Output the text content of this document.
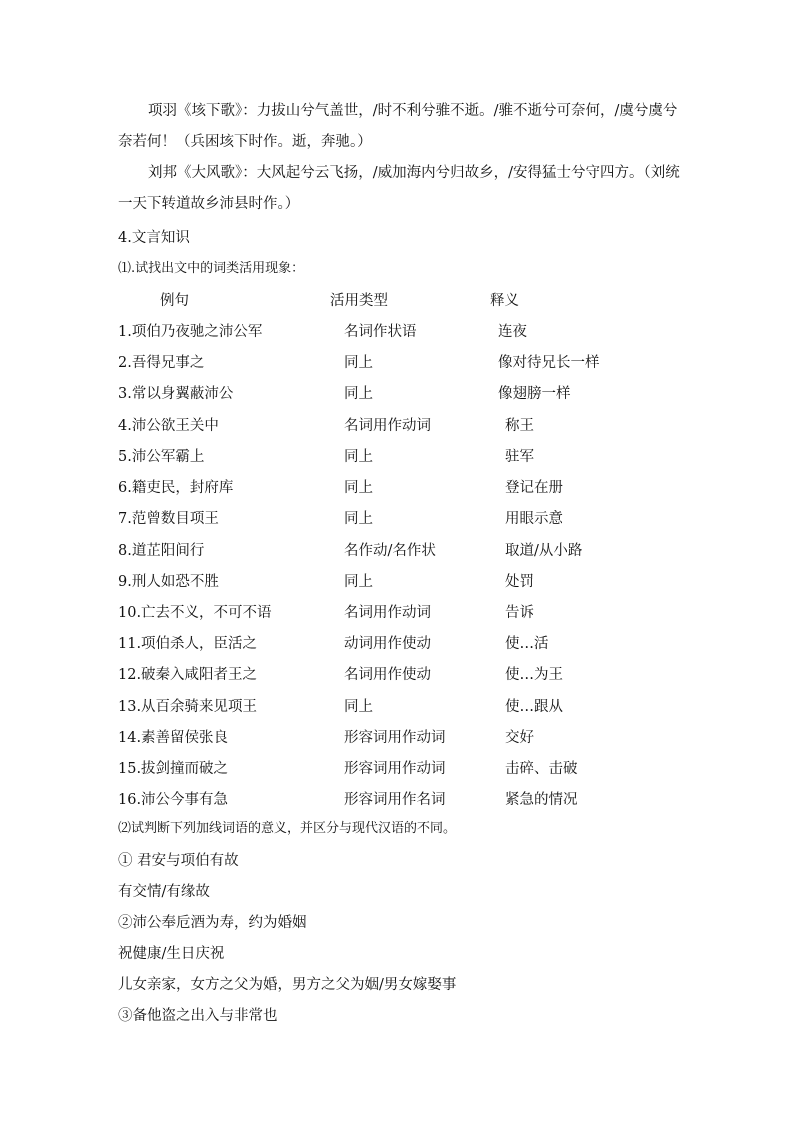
项羽《垓下歌》：力拔山兮气盖世，/时不利兮骓不逝。/骓不逝兮可奈何，/虞兮虞兮
奈若何！（兵困垓下时作。逝，奔驰。）
刘邦《大风歌》：大风起兮云飞扬，/威加海内兮归故乡，/安得猛士兮守四方。（刘统
一天下转道故乡沛县时作。）
4.文言知识
⑴.试找出文中的词类活用现象：
例句	活用类型	释义
1.项伯乃夜驰之沛公军	名词作状语	连夜
2.吾得兄事之	同上	像对待兄长一样
3.常以身翼蔽沛公	同上	像翅膀一样
4.沛公欲王关中	名词用作动词	称王
5.沛公军霸上	同上	驻军
6.籍吏民，封府库	同上	登记在册
7.范曾数目项王	同上	用眼示意
8.道芷阳间行	名作动/名作状	取道/从小路
9.刑人如恐不胜	同上	处罚
10.亡去不义，不可不语	名词用作动词	告诉
11.项伯杀人，臣活之	动词用作使动	使…活
12.破秦入咸阳者王之	名词用作使动	使…为王
13.从百余骑来见项王	同上	使…跟从
14.素善留侯张良	形容词用作动词	交好
15.拔剑撞而破之	形容词用作动词	击碎、击破
16.沛公今事有急	形容词用作名词	紧急的情况
⑵试判断下列加线词语的意义，并区分与现代汉语的不同。
① 君安与项伯有故
有交情/有缘故
②沛公奉卮酒为寿，约为婚姻
祝健康/生日庆祝
儿女亲家，女方之父为婚，男方之父为姻/男女嫁娶事
③备他盗之出入与非常也
